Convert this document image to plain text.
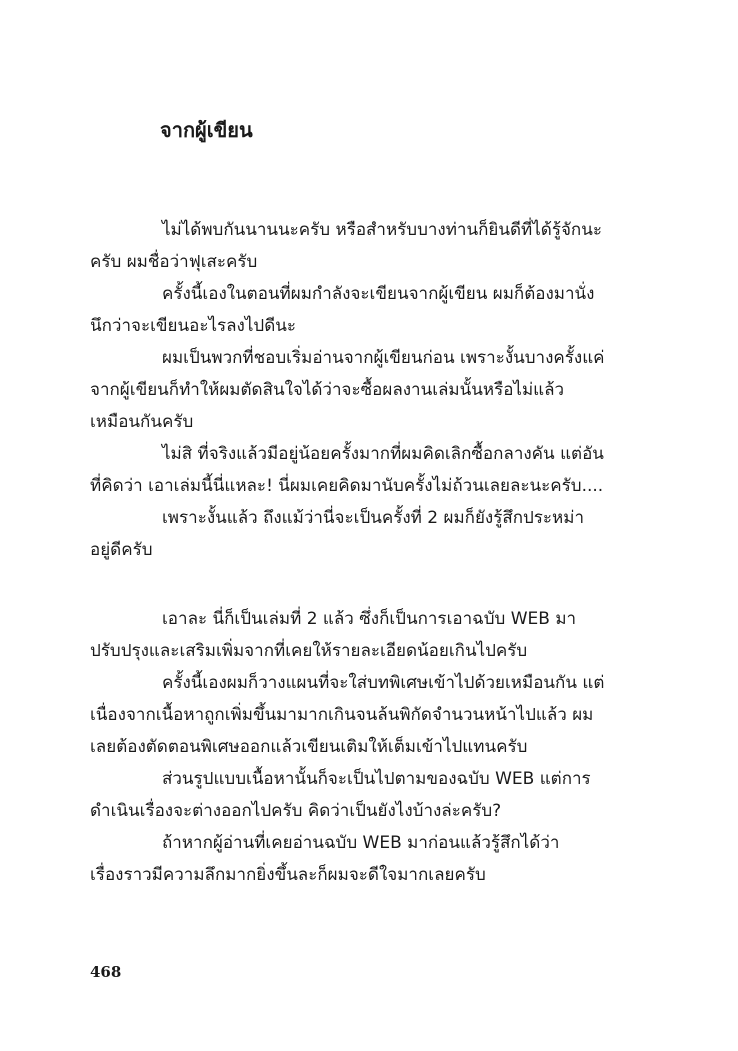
จากผู้เขียน

ไม่ได้พบกันนานนะครับ หรือสำหรับบางท่านก็ยินดีที่ได้รู้จักนะ
ครับ ผมชื่อว่าฟุเสะครับ

ครั้งนี้เองในตอนที่ผมกำลังจะเขียนจากผู้เขียน ผมก็ต้องมานั่ง
นึกว่าจะเขียนอะไรลงไปดีนะ

ผมเป็นพวกที่ชอบเริ่มอ่านจากผู้เขียนก่อน เพราะงั้นบางครั้งแค่
จากผู้เขียนก็ทำให้ผมตัดสินใจได้ว่าจะซื้อผลงานเล่มนั้นหรือไม่แล้ว
เหมือนกันครับ

ไม่สิ ที่จริงแล้วมีอยู่น้อยครั้งมากที่ผมคิดเลิกซื้อกลางคัน แต่อัน
ที่คิดว่า เอาเล่มนี้นี่แหละ! นี่ผมเคยคิดมานับครั้งไม่ถ้วนเลยละนะครับ....

เพราะงั้นแล้ว ถึงแม้ว่านี่จะเป็นครั้งที่ 2 ผมก็ยังรู้สึกประหม่า
อยู่ดีครับ

เอาละ นี่ก็เป็นเล่มที่ 2 แล้ว ซึ่งก็เป็นการเอาฉบับ WEB มา
ปรับปรุงและเสริมเพิ่มจากที่เคยให้รายละเอียดน้อยเกินไปครับ

ครั้งนี้เองผมก็วางแผนที่จะใส่บทพิเศษเข้าไปด้วยเหมือนกัน แต่
เนื่องจากเนื้อหาถูกเพิ่มขึ้นมามากเกินจนล้นพิกัดจำนวนหน้าไปแล้ว ผม
เลยต้องตัดตอนพิเศษออกแล้วเขียนเติมให้เต็มเข้าไปแทนครับ

ส่วนรูปแบบเนื้อหานั้นก็จะเป็นไปตามของฉบับ WEB แต่การ
ดำเนินเรื่องจะต่างออกไปครับ คิดว่าเป็นยังไงบ้างล่ะครับ?

ถ้าหากผู้อ่านที่เคยอ่านฉบับ WEB มาก่อนแล้วรู้สึกได้ว่า
เรื่องราวมีความลึกมากยิ่งขึ้นละก็ผมจะดีใจมากเลยครับ

468
